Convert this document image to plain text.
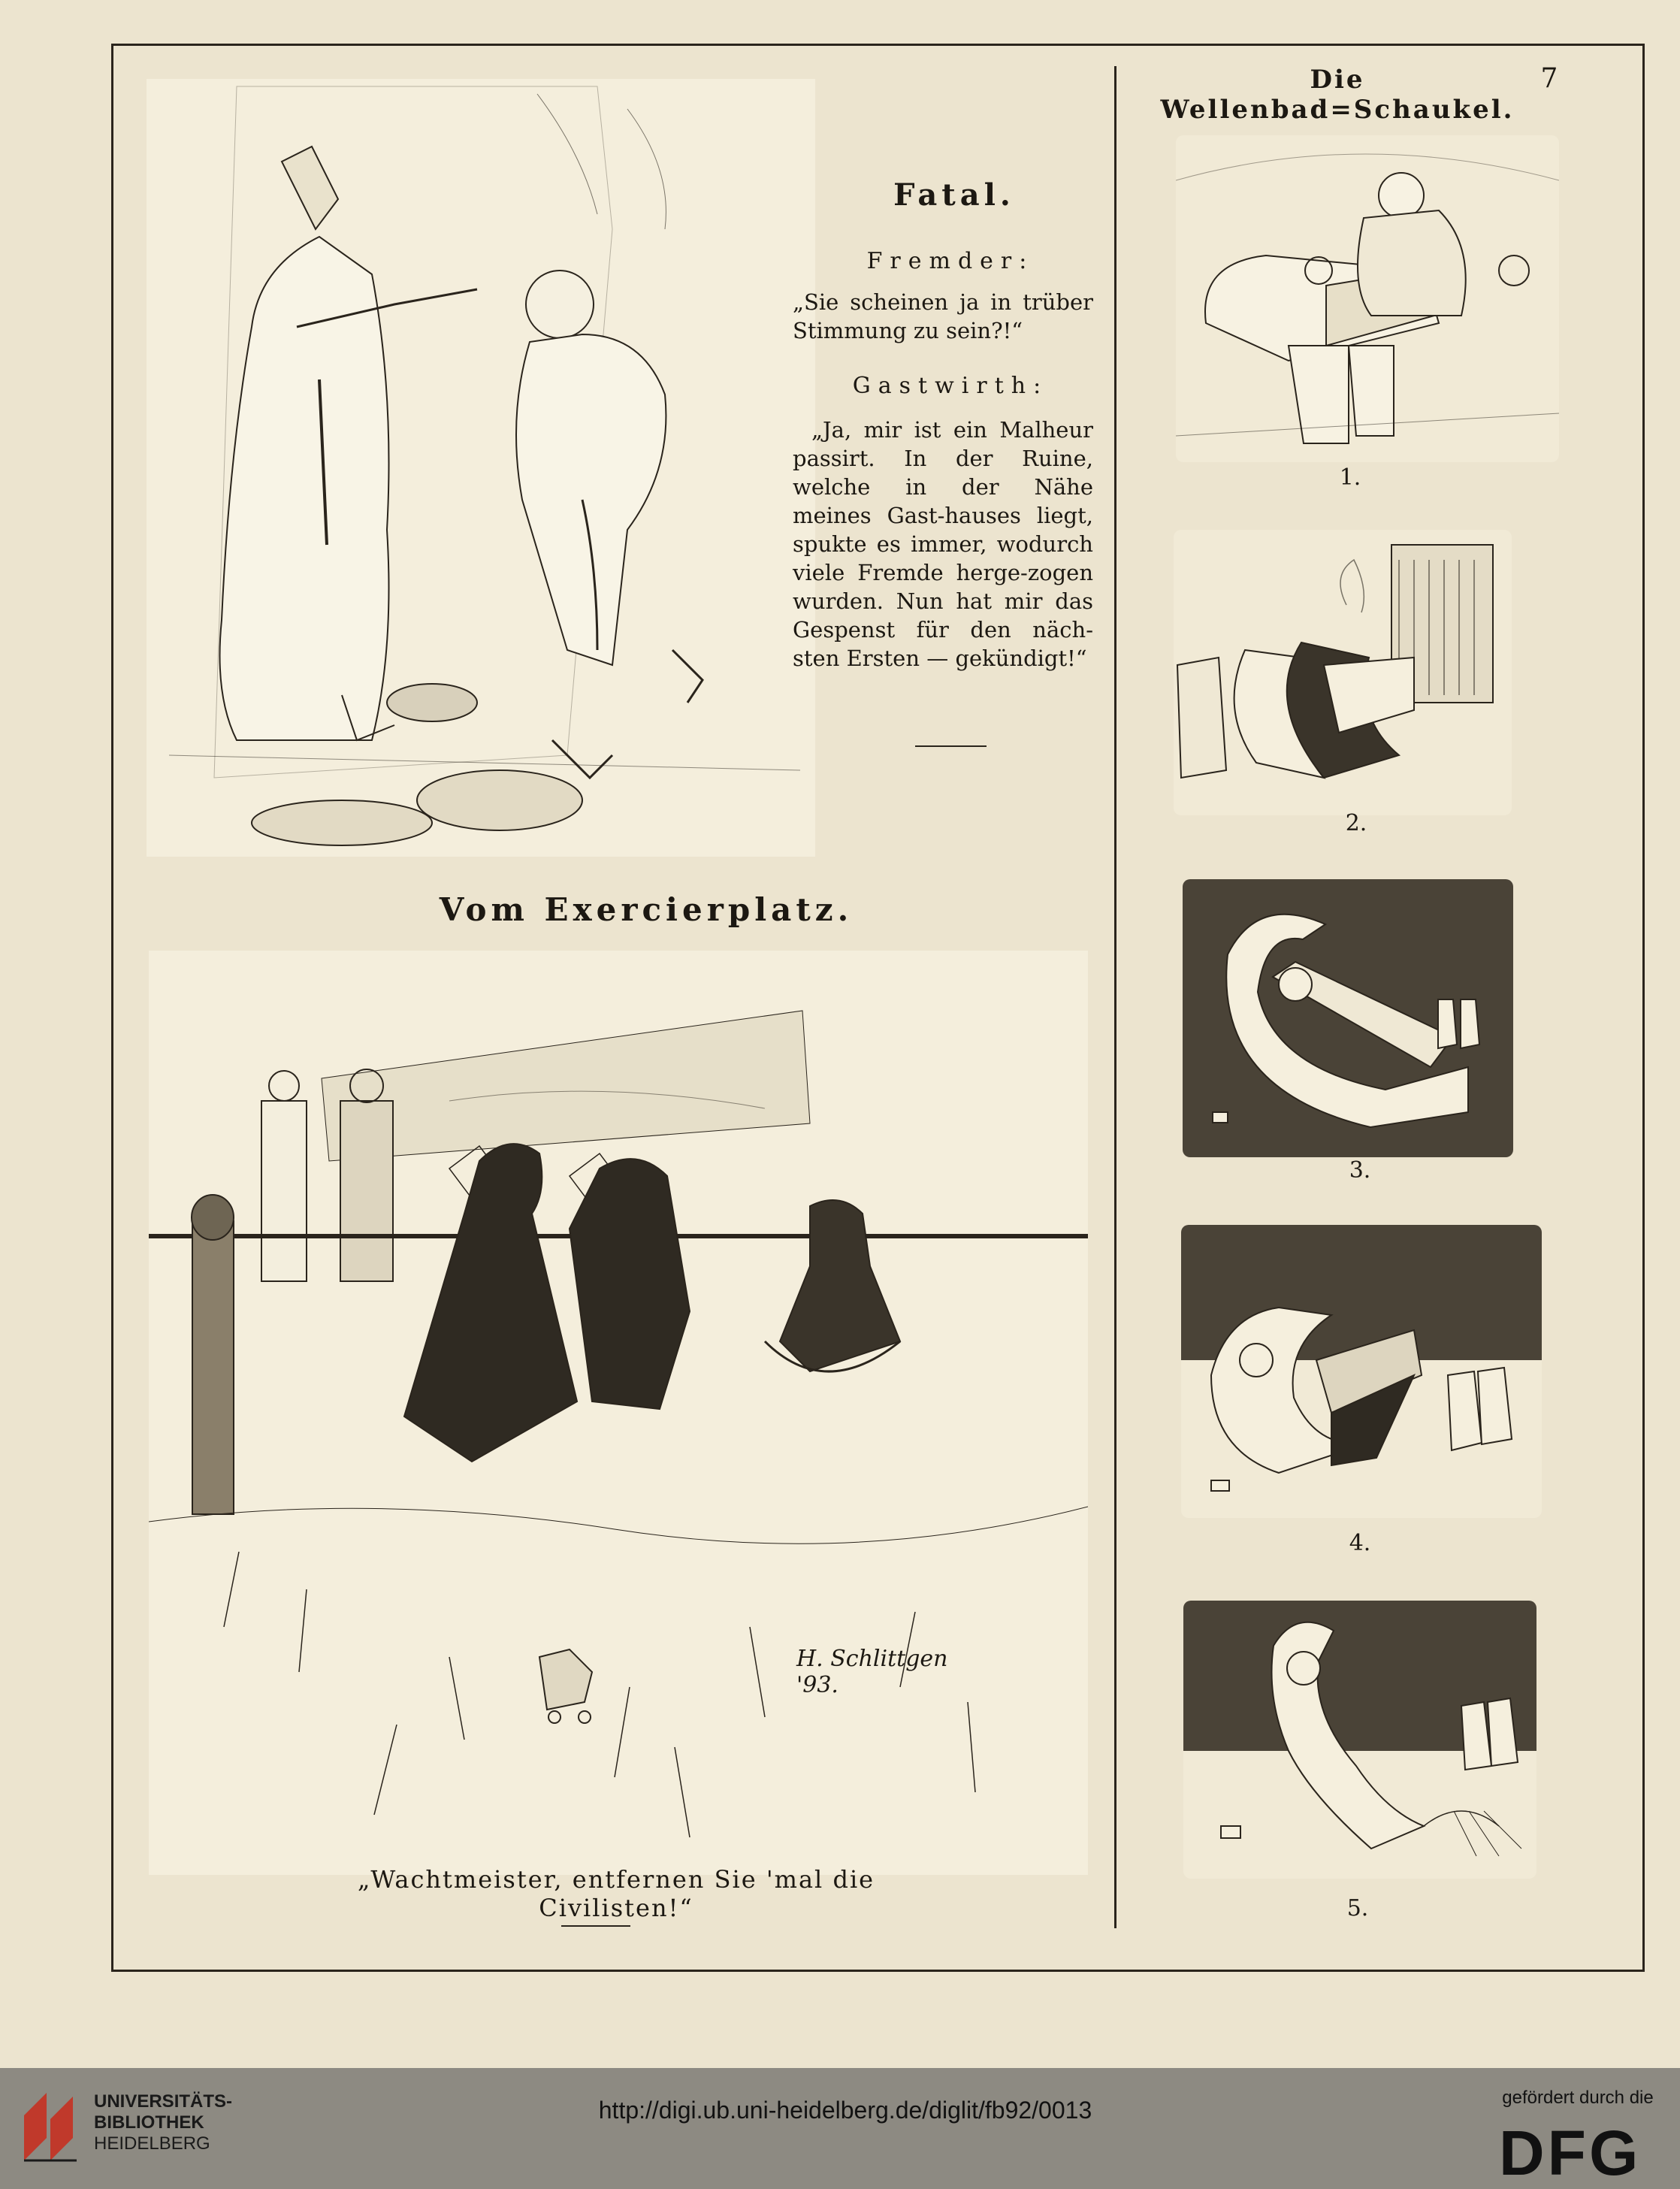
Die Wellenbad=Schaukel.
7
Fatal.
Fremder:
„Sie scheinen ja in trüber Stimmung zu sein?!“
Gastwirth:
„Ja, mir ist ein Malheur passirt. In der Ruine, welche in der Nähe meines Gast-hauses liegt, spukte es immer, wodurch viele Fremde herge-zogen wurden. Nun hat mir das Gespenst für den näch-sten Ersten — gekündigt!“
Vom Exercierplatz.
H. Schlittgen '93.
„Wachtmeister, entfernen Sie 'mal die Civilisten!“
1.
2.
3.
4.
5.
UNIVERSITÄTS-
BIBLIOTHEK
HEIDELBERG
http://digi.ub.uni-heidelberg.de/diglit/fb92/0013	gefördert durch die
DFG
